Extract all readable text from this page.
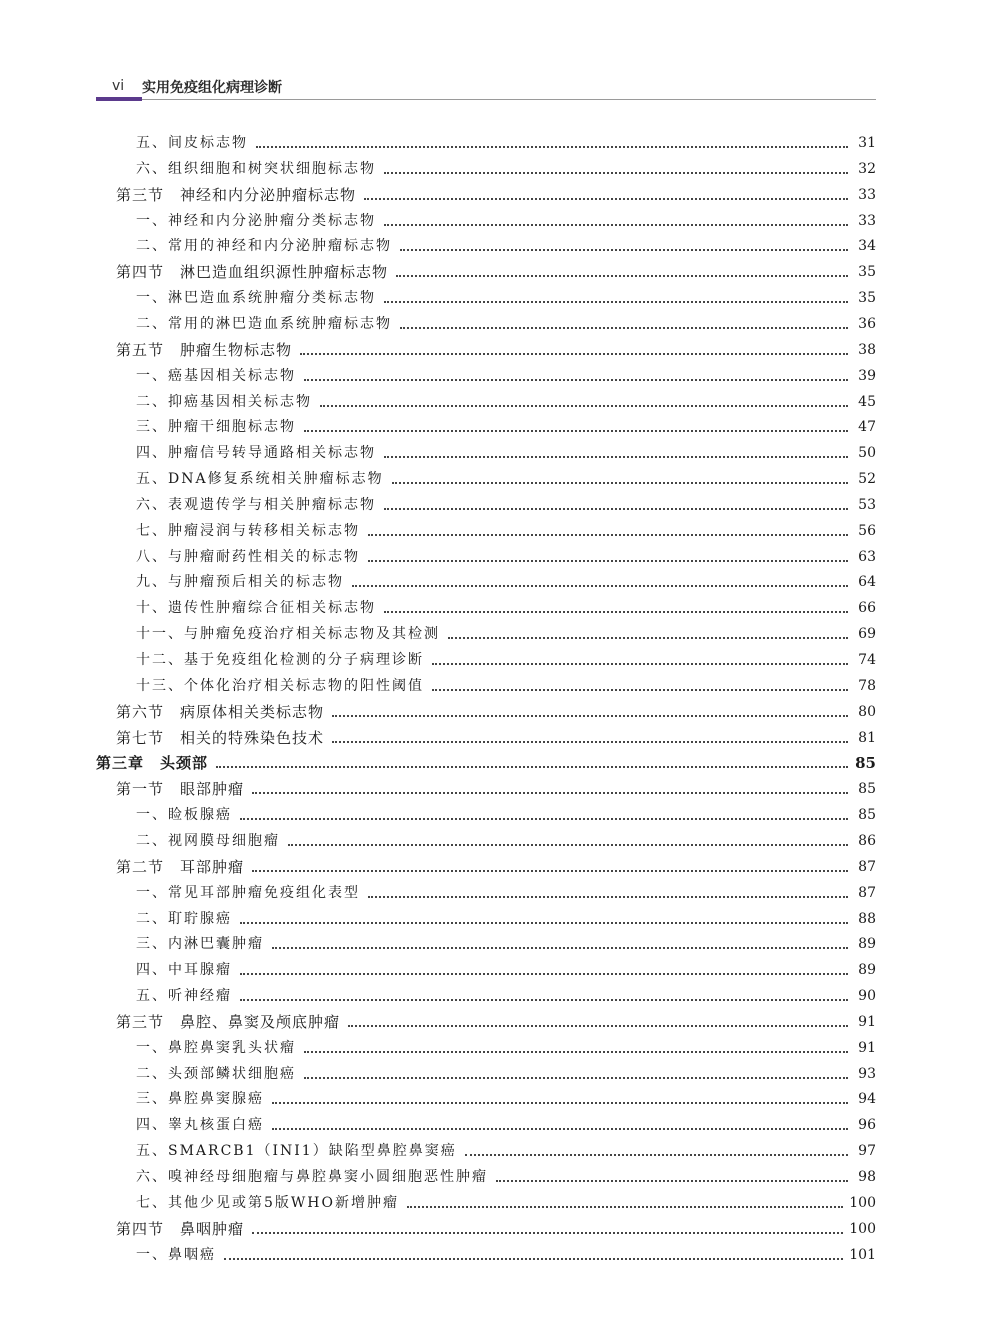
vi 实用免疫组化病理诊断
五、间皮标志物	31
六、组织细胞和树突状细胞标志物	32
第三节　神经和内分泌肿瘤标志物	33
一、神经和内分泌肿瘤分类标志物	33
二、常用的神经和内分泌肿瘤标志物	34
第四节　淋巴造血组织源性肿瘤标志物	35
一、淋巴造血系统肿瘤分类标志物	35
二、常用的淋巴造血系统肿瘤标志物	36
第五节　肿瘤生物标志物	38
一、癌基因相关标志物	39
二、抑癌基因相关标志物	45
三、肿瘤干细胞标志物	47
四、肿瘤信号转导通路相关标志物	50
五、DNA修复系统相关肿瘤标志物	52
六、表观遗传学与相关肿瘤标志物	53
七、肿瘤浸润与转移相关标志物	56
八、与肿瘤耐药性相关的标志物	63
九、与肿瘤预后相关的标志物	64
十、遗传性肿瘤综合征相关标志物	66
十一、与肿瘤免疫治疗相关标志物及其检测	69
十二、基于免疫组化检测的分子病理诊断	74
十三、个体化治疗相关标志物的阳性阈值	78
第六节　病原体相关类标志物	80
第七节　相关的特殊染色技术	81
第三章　头颈部	85
第一节　眼部肿瘤	85
一、睑板腺癌	85
二、视网膜母细胞瘤	86
第二节　耳部肿瘤	87
一、常见耳部肿瘤免疫组化表型	87
二、耵聍腺癌	88
三、内淋巴囊肿瘤	89
四、中耳腺瘤	89
五、听神经瘤	90
第三节　鼻腔、鼻窦及颅底肿瘤	91
一、鼻腔鼻窦乳头状瘤	91
二、头颈部鳞状细胞癌	93
三、鼻腔鼻窦腺癌	94
四、睾丸核蛋白癌	96
五、SMARCB1（INI1）缺陷型鼻腔鼻窦癌	97
六、嗅神经母细胞瘤与鼻腔鼻窦小圆细胞恶性肿瘤	98
七、其他少见或第5版WHO新增肿瘤	100
第四节　鼻咽肿瘤	100
一、鼻咽癌	101
